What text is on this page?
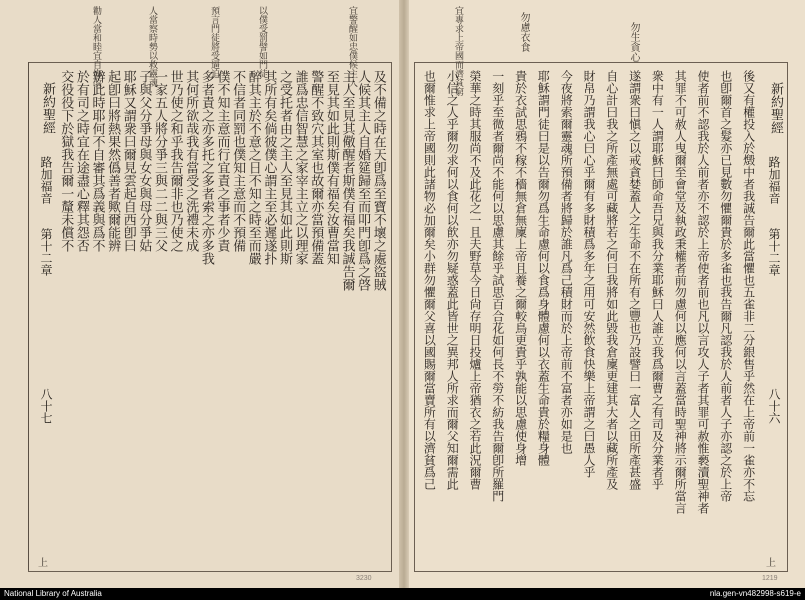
新約聖經
路加福音
第十二章
八十七
上
宜警醒如忠僕候主人
以僕受罰譬如門徒
預言門徒將受逼迫
人當察時勢以救靈魂
勸人當和睦宜自悔改
及不備之時在天卽爲至寶不壞之處盜賊
人候其主人自婚筵歸至而叩門卽爲之啓
主人至見其儆醒者斯僕有福矣我誠告爾
至見其如此則斯僕有福矣汝曹當知
警醒不致穴其室也故爾亦當預備蓋
誰爲忠信智慧之家宰主立之以理家
之受托者由之主人至見其如此則斯
其所有矣倘彼僕心謂主至必遲遂扑
醉其主於不意之日不知之時至而嚴
不信者同罰也僕知主意而不預備
僕不知主意而行宜責之事者少責
多者責之亦多托之多者索之亦多我
其何所欲哉我有當受之洗禮未成
世乃使之和乎我告爾非也乃使之
一家五人將分爭三與二二與三父
子與父分爭母與女女與母分爭姑
耶穌又謂衆曰爾見雲起自西卽曰
起卽曰將熱果然僞善者歟爾能辨
辨此時耶何不自審其爲義與爲不
於有司之時宜在途盡心釋其怨否
交役役下於獄我告爾一釐未償不	新約聖經
路加福音
第十二章
八十六
上
勿生貪心
勿慮衣食
宜專求上帝國而濟貧窮
後又有權投入於燬中者我誠告爾此當懼也五雀非二分銀售乎然在上帝前一雀亦不忘
也卽爾首之髮亦已見數勿懼爾貴於多雀也我告爾凡認我於人前者人子亦認之於上帝
使者前不認我於人前者亦不認於上帝使者前也凡以言攻人子者其罪可赦惟褻瀆聖神者
其罪不可赦人曳爾至會堂及執政秉權者前勿慮何以應何以言蓋當時聖神將示爾所當言
衆中有一人謂耶穌曰師命吾兄與我分業耶穌曰人誰立我爲爾曹之有司及分業者乎
遂謂衆曰愼之以戒貪婪蓋人之生命不在所有之豐也乃設譬曰一富人之田所產甚盛
自心計曰我之所產無處可藏將若之何曰我將如此毀我倉廩更建其大者以藏所產及
財帛乃謂我心曰心乎爾有多財積爲多年之用可安然飲食快樂上帝謂之曰愚人乎
今夜將索爾靈魂所預備者將歸於誰凡爲己積財而於上帝前不富者亦如是也
耶穌謂門徒曰是以告爾勿爲生命慮何以食爲身體慮何以衣蓋生命貴於糧身體
貴於衣試思鴉不稼不穡無倉無廩上帝且養之爾較鳥更貴乎孰能以思慮使身增
一刻乎至微者爾尚不能何以思慮其餘乎試思百合花如何長不勞不紡我告爾卽所羅門
榮華之時其服尚不及此花之一且夫野草今日尙存明日投爐上帝猶衣之若此況爾曹
小信之人乎爾勿求何以食何以飮亦勿疑惑蓋此皆世之異邦人所求而爾父知爾需此
也爾惟求上帝國則此諸物必加爾矣小群勿懼爾父喜以國賜爾當賣所有以濟貧爲己
3230	1219
National Library of Australia	nla.gen-vn482998-s619-e
